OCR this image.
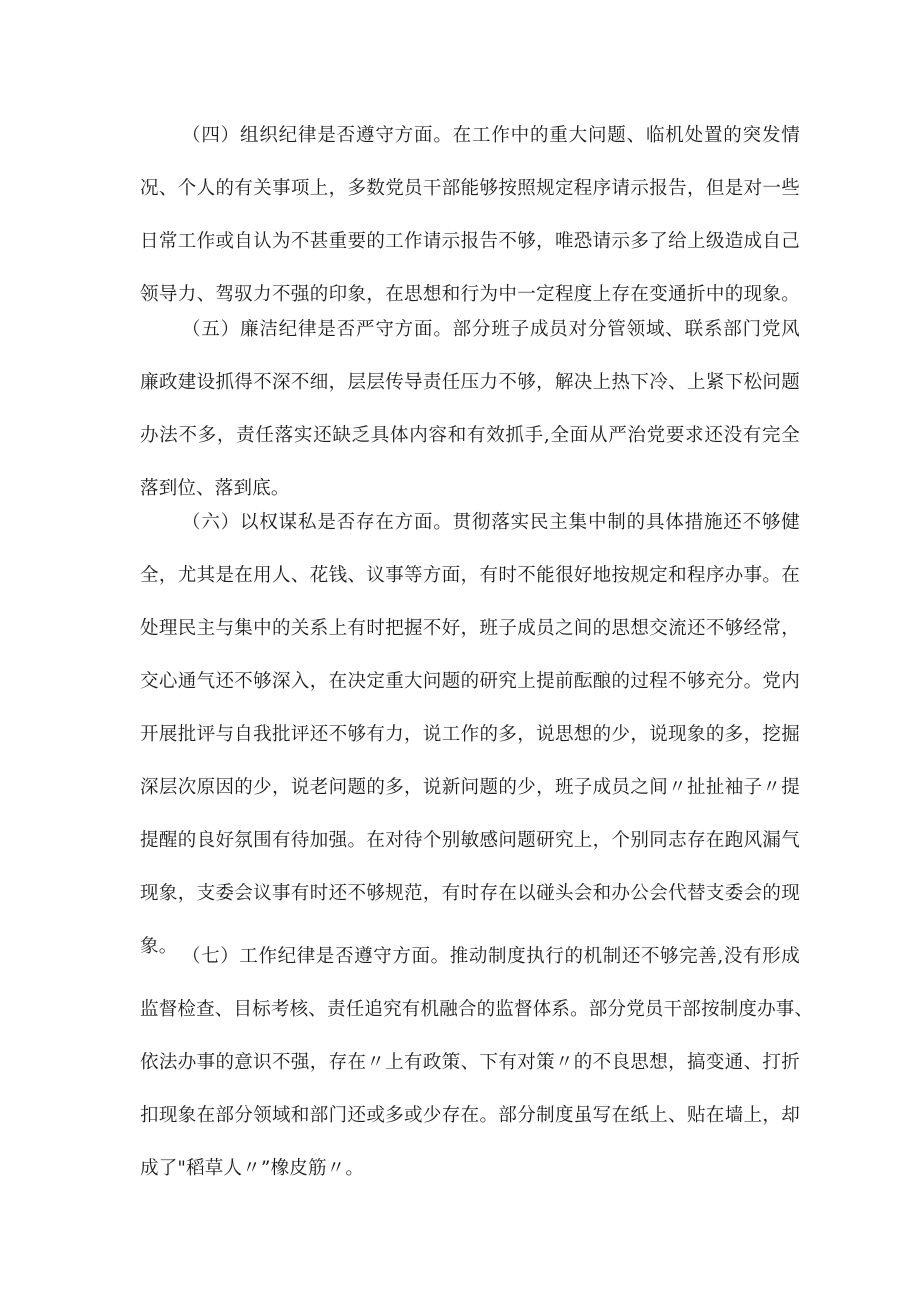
（四）组织纪律是否遵守方面。在工作中的重大问题、临机处置的突发情
况、个人的有关事项上，多数党员干部能够按照规定程序请示报告，但是对一些
日常工作或自认为不甚重要的工作请示报告不够，唯恐请示多了给上级造成自己
领导力、驾驭力不强的印象，在思想和行为中一定程度上存在变通折中的现象。
（五）廉洁纪律是否严守方面。部分班子成员对分管领域、联系部门党风
廉政建设抓得不深不细，层层传导责任压力不够，解决上热下冷、上紧下松问题
办法不多，责任落实还缺乏具体内容和有效抓手,全面从严治党要求还没有完全
落到位、落到底。
（六）以权谋私是否存在方面。贯彻落实民主集中制的具体措施还不够健
全，尤其是在用人、花钱、议事等方面，有时不能很好地按规定和程序办事。在
处理民主与集中的关系上有时把握不好，班子成员之间的思想交流还不够经常，
交心通气还不够深入，在决定重大问题的研究上提前酝酿的过程不够充分。党内
开展批评与自我批评还不够有力，说工作的多，说思想的少，说现象的多，挖掘
深层次原因的少，说老问题的多，说新问题的少，班子成员之间〃扯扯袖子〃提
提醒的良好氛围有待加强。在对待个别敏感问题研究上，个别同志存在跑风漏气
现象，支委会议事有时还不够规范，有时存在以碰头会和办公会代替支委会的现
象。 （七）工作纪律是否遵守方面。推动制度执行的机制还不够完善,没有形成
监督检查、目标考核、责任追究有机融合的监督体系。部分党员干部按制度办事、
依法办事的意识不强，存在〃上有政策、下有对策〃的不良思想，搞变通、打折
扣现象在部分领域和部门还或多或少存在。部分制度虽写在纸上、贴在墙上，却
成了"稻草人〃”橡皮筋〃。
